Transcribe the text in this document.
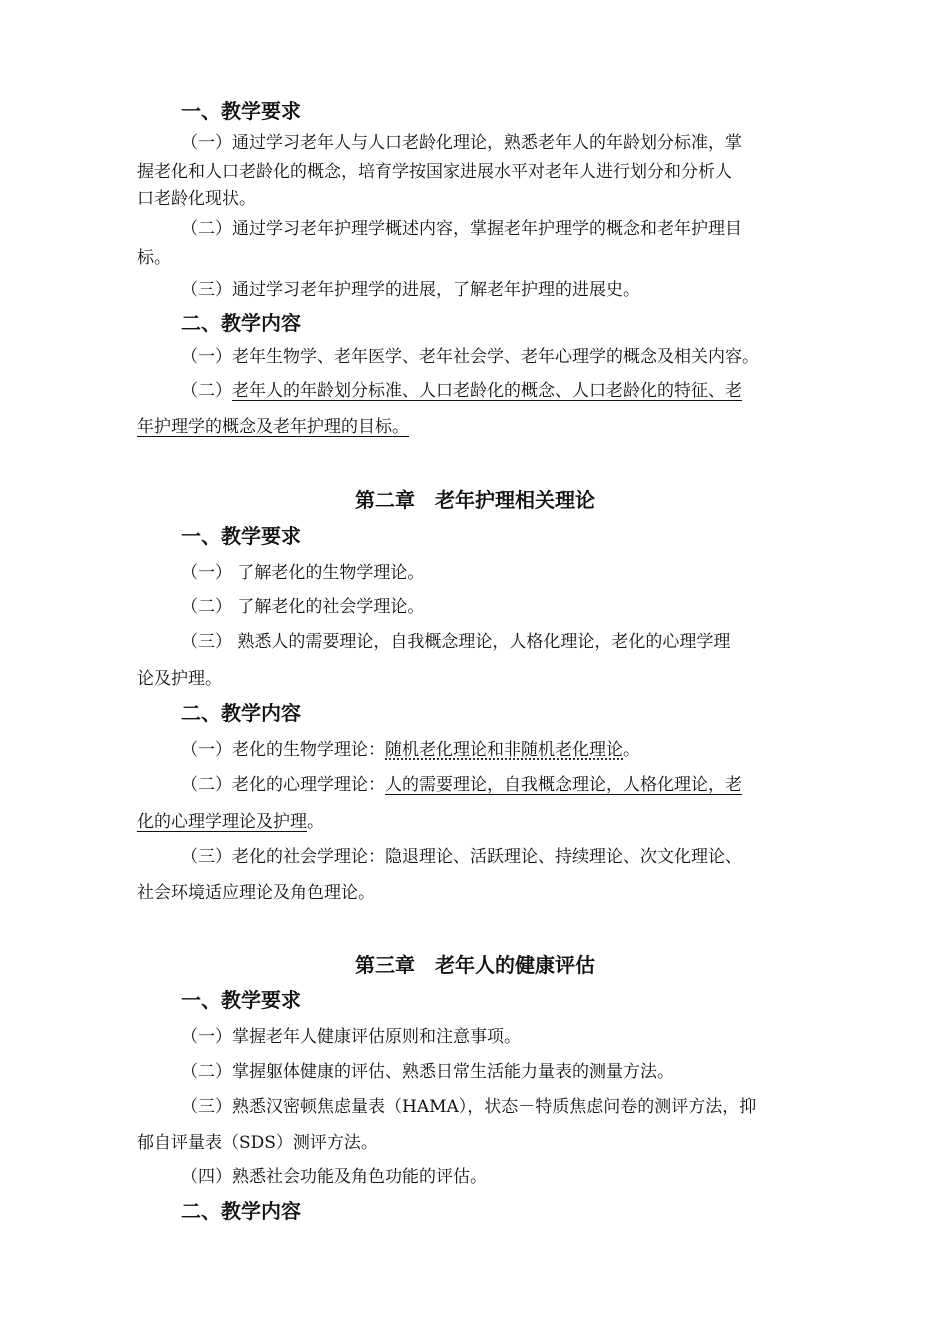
一、教学要求
（一）通过学习老年人与人口老龄化理论，熟悉老年人的年龄划分标准，掌
握老化和人口老龄化的概念，培育学按国家进展水平对老年人进行划分和分析人
口老龄化现状。
（二）通过学习老年护理学概述内容，掌握老年护理学的概念和老年护理目
标。
（三）通过学习老年护理学的进展，了解老年护理的进展史。
二、教学内容
（一）老年生物学、老年医学、老年社会学、老年心理学的概念及相关内容。
（二）老年人的年龄划分标准、人口老龄化的概念、人口老龄化的特征、老
年护理学的概念及老年护理的目标。
第二章　老年护理相关理论
一、教学要求
（一） 了解老化的生物学理论。
（二） 了解老化的社会学理论。
（三） 熟悉人的需要理论，自我概念理论，人格化理论，老化的心理学理
论及护理。
二、教学内容
（一）老化的生物学理论：随机老化理论和非随机老化理论。
（二）老化的心理学理论：人的需要理论，自我概念理论，人格化理论，老
化的心理学理论及护理。
（三）老化的社会学理论：隐退理论、活跃理论、持续理论、次文化理论、
社会环境适应理论及角色理论。
第三章　老年人的健康评估
一、教学要求
（一）掌握老年人健康评估原则和注意事项。
（二）掌握躯体健康的评估、熟悉日常生活能力量表的测量方法。
（三）熟悉汉密顿焦虑量表（HAMA），状态－特质焦虑问卷的测评方法，抑
郁自评量表（SDS）测评方法。
（四）熟悉社会功能及角色功能的评估。
二、教学内容
